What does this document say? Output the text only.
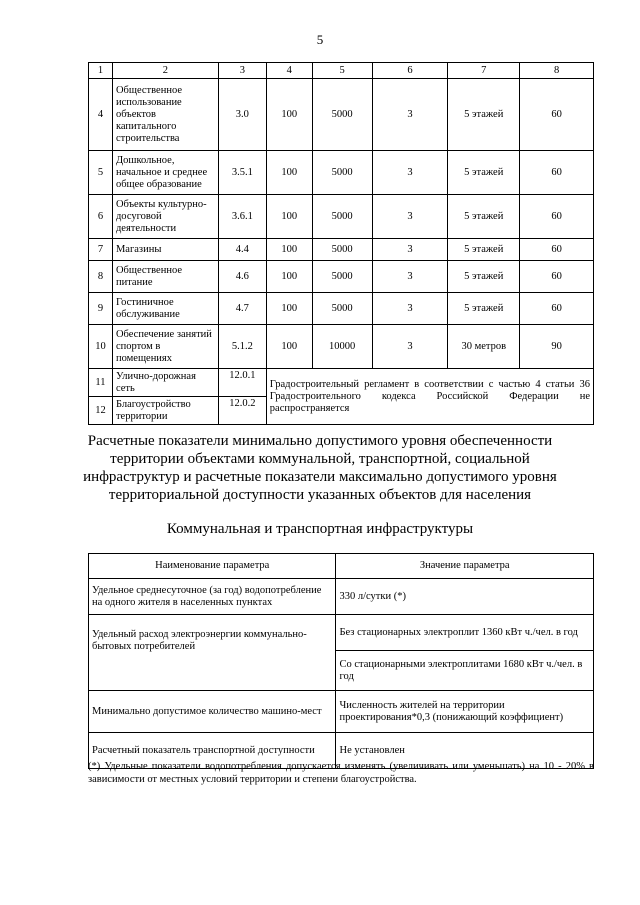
5
1	2	3	4	5	6	7	8
4	Общественное использование объектов капитального строительства	3.0	100	5000	3	5 этажей	60
5	Дошкольное, начальное и среднее общее образование	3.5.1	100	5000	3	5 этажей	60
6	Объекты культурно-досуговой деятельности	3.6.1	100	5000	3	5 этажей	60
7	Магазины	4.4	100	5000	3	5 этажей	60
8	Общественное питание	4.6	100	5000	3	5 этажей	60
9	Гостиничное обслуживание	4.7	100	5000	3	5 этажей	60
10	Обеспечение занятий спортом в помещениях	5.1.2	100	10000	3	30 метров	90
11	Улично-дорожная сеть	12.0.1	Градостроительный регламент в соответствии с частью 4 статьи 36 Градостроительного кодекса Российской Федерации не распространяется				
12	Благоустройство территории	12.0.2					
Расчетные показатели минимально допустимого уровня обеспеченности территории объектами коммунальной, транспортной, социальной инфраструктур и расчетные показатели максимально допустимого уровня территориальной доступности указанных объектов для населения
Коммунальная и транспортная инфраструктуры
Наименование параметра	Значение параметра
Удельное среднесуточное (за год) водопотребление на одного жителя в населенных пунктах	330 л/сутки (*)
Удельный расход электроэнергии коммунально-бытовых потребителей	Без стационарных электроплит 1360 кВт ч./чел. в год
	Со стационарными электроплитами 1680 кВт ч./чел. в год
Минимально допустимое количество машино-мест	Численность жителей на территории проектирования*0,3 (понижающий коэффициент)
Расчетный показатель транспортной доступности	Не установлен
(*) Удельные показатели водопотребления допускается изменять (увеличивать или уменьшать) на 10 - 20% в зависимости от местных условий территории и степени благоустройства.
